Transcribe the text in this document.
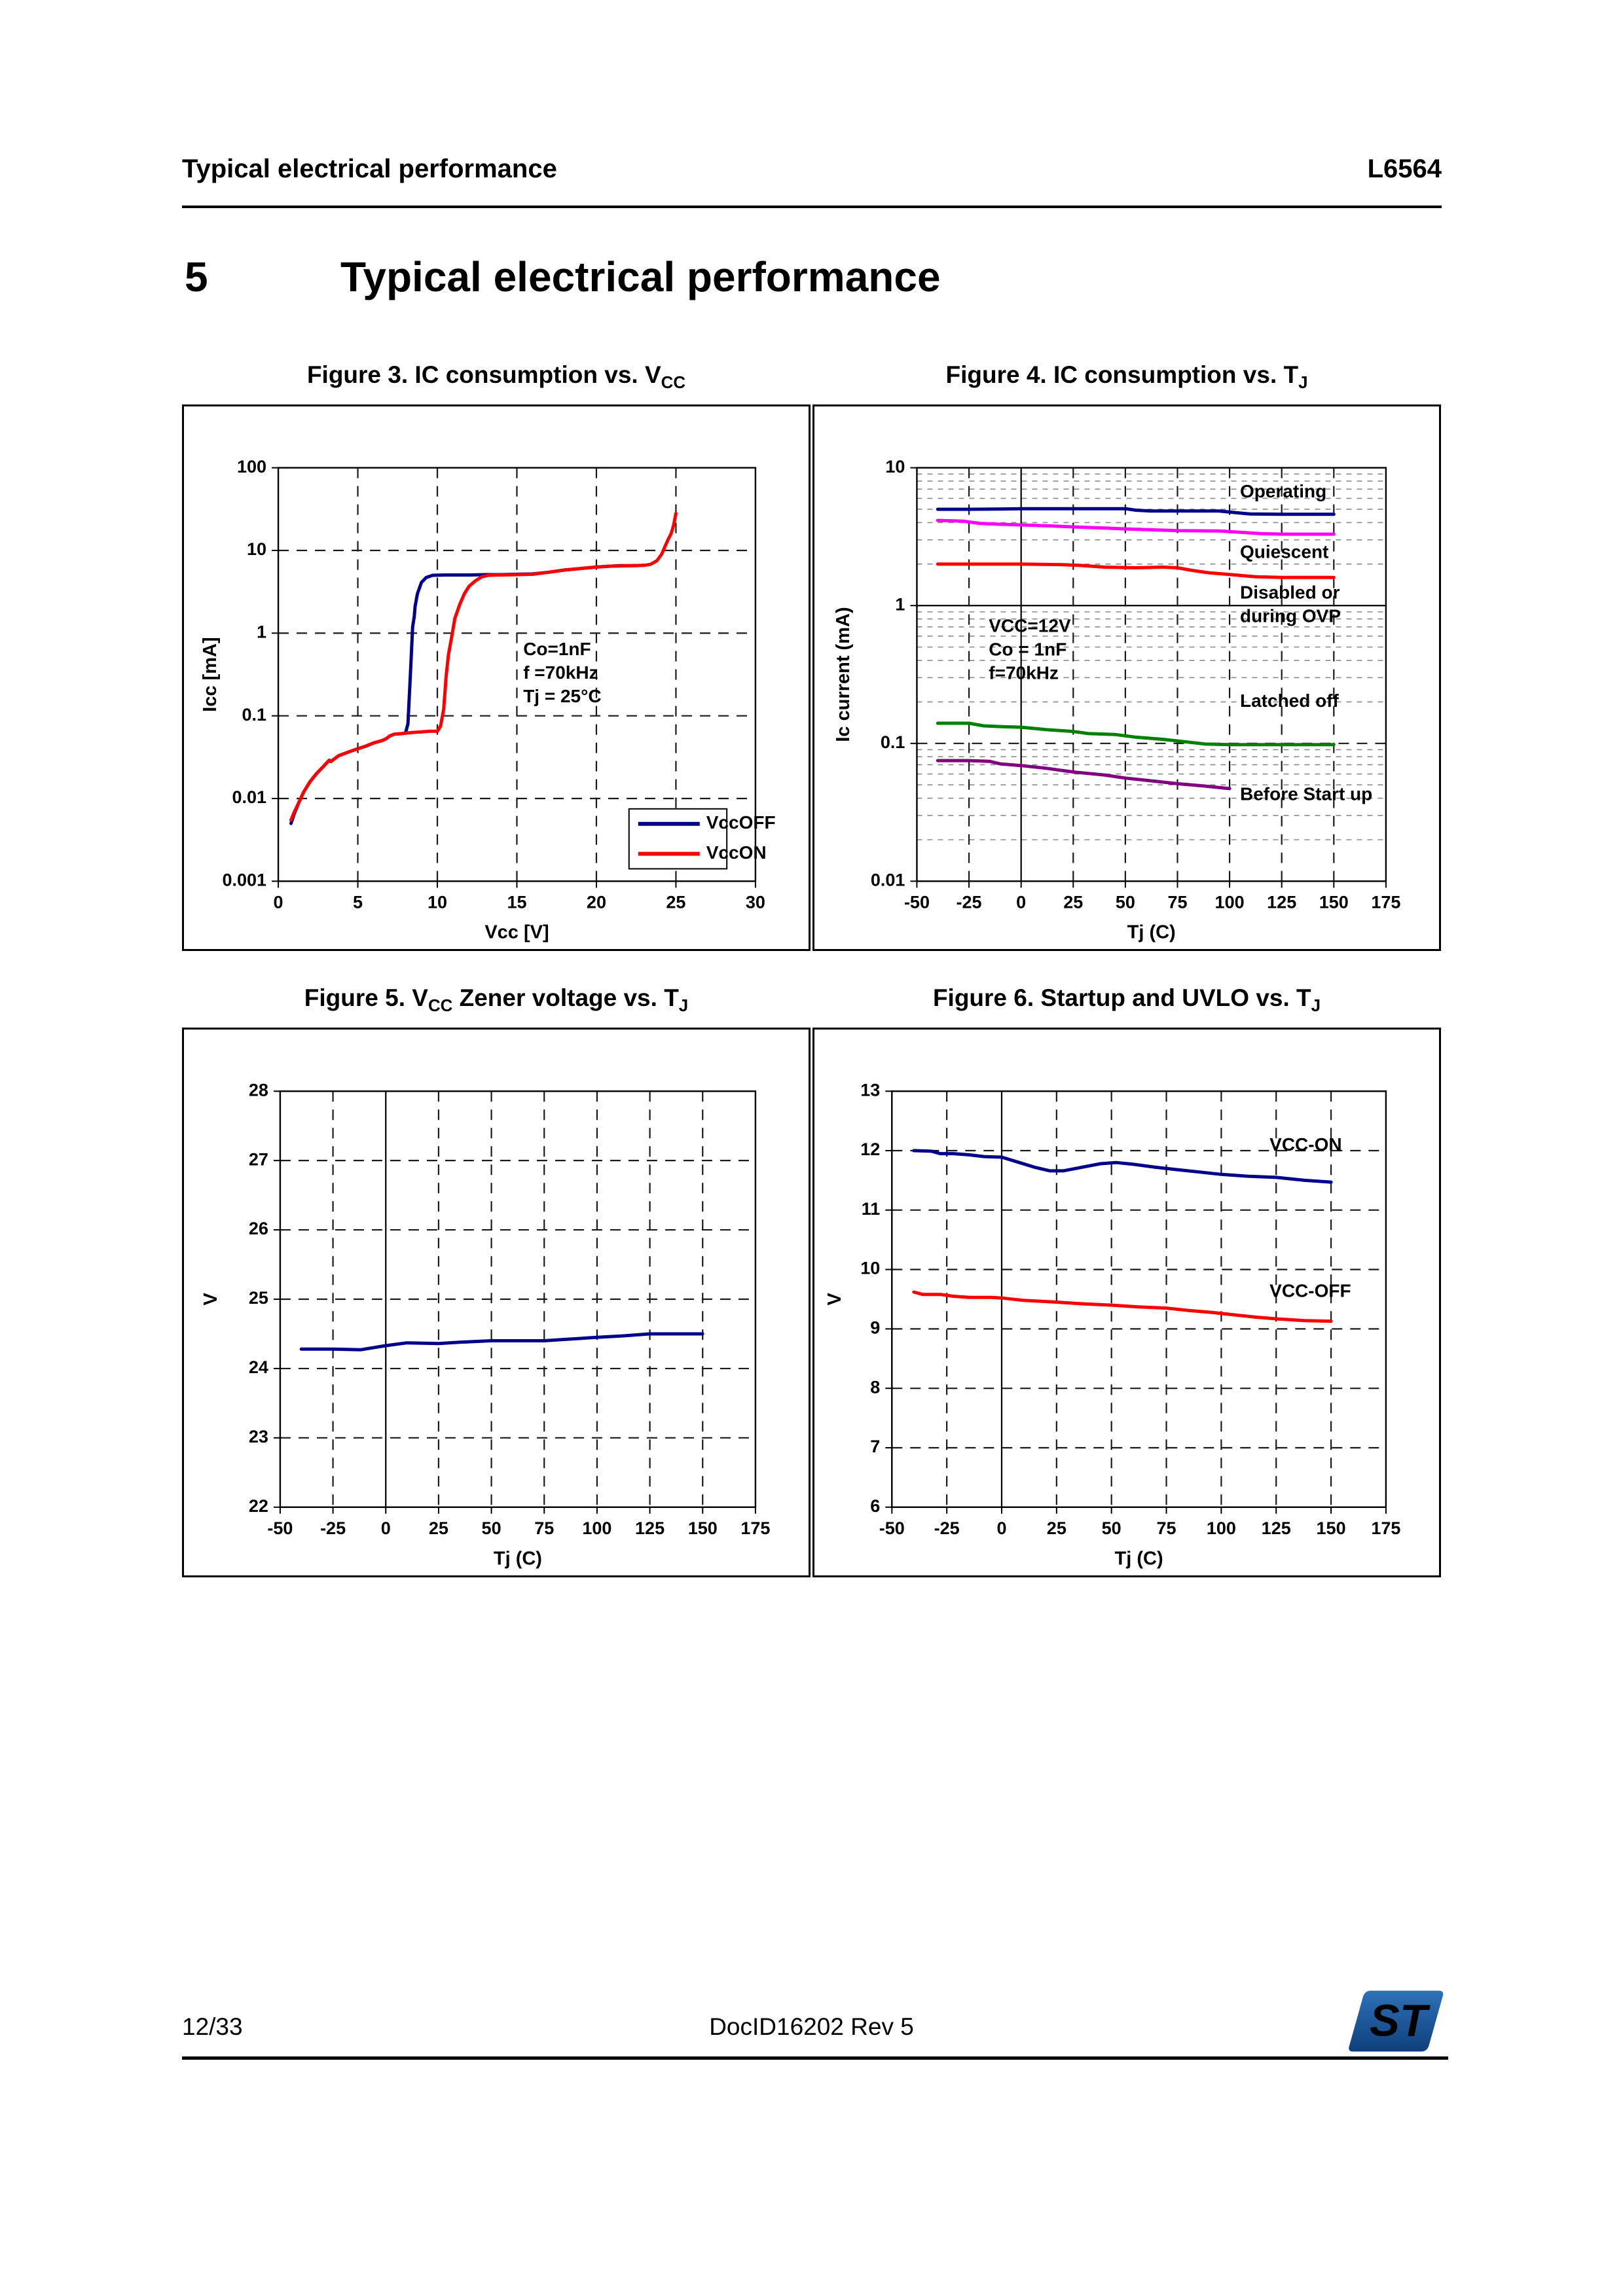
Typical electrical performance	L6564
5	Typical electrical performance
Figure 3. IC consumption vs. $V_{CC}$	Figure 4. IC consumption vs. $T_J$
Figure 5. $V_{CC}$ Zener voltage vs. $T_J$	Figure 6. Startup and UVLO vs. $T_J$
0	5	10	15	20	25	30
100
10
1
0.1
0.01
0.001
Vcc [V]
Icc [mA]	Co=1nF
f =70kHz
Tj = 25°C
VccOFF
VccON
-50 -25 0 25 50 75 100 125 150 175
10
1
0.1
0.01
Tj (C)
Ic current (mA)	VCC=12V
Co = 1nF
f=70kHz
Operating
Quiescent
Disabled or
during OVP
Latched off
Before Start up
-50 -25 0 25 50 75 100 125 150 175
28
27
26
25
24
23
22
Tj (C)
V
-50 -25 0 25 50 75 100 125 150 175
13
12
11
10
9
8
7
6
Tj (C)
V
VCC-ON
VCC-OFF
12/33	DocID16202 Rev 5	ST
